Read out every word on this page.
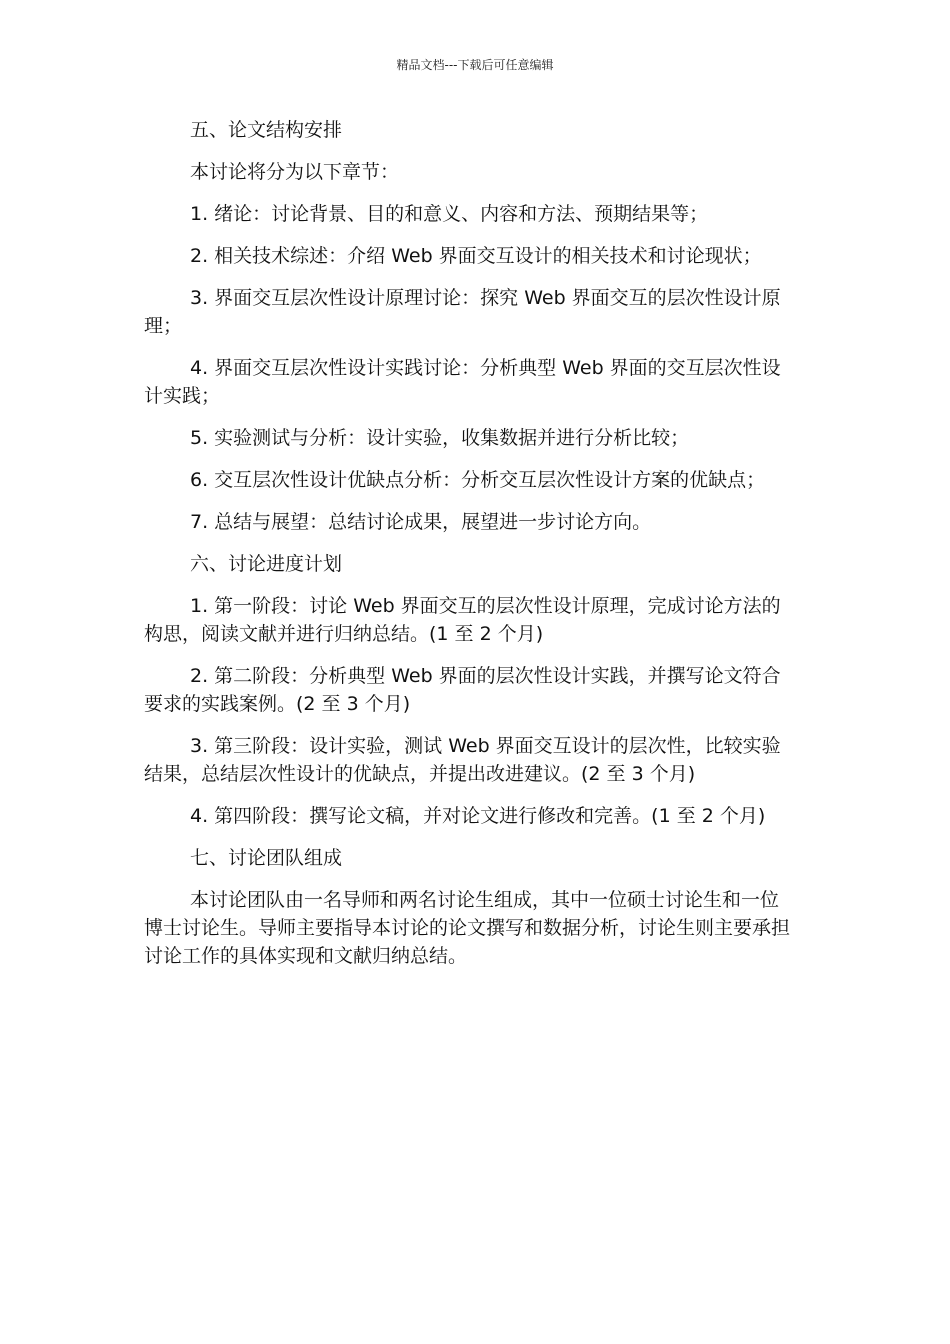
精品文档---下载后可任意编辑

五、论文结构安排

本讨论将分为以下章节：

1. 绪论：讨论背景、目的和意义、内容和方法、预期结果等；

2. 相关技术综述：介绍 Web 界面交互设计的相关技术和讨论现状；

3. 界面交互层次性设计原理讨论：探究 Web 界面交互的层次性设计原理；

4. 界面交互层次性设计实践讨论：分析典型 Web 界面的交互层次性设计实践；

5. 实验测试与分析：设计实验，收集数据并进行分析比较；

6. 交互层次性设计优缺点分析：分析交互层次性设计方案的优缺点；

7. 总结与展望：总结讨论成果，展望进一步讨论方向。

六、讨论进度计划

1. 第一阶段：讨论 Web 界面交互的层次性设计原理，完成讨论方法的构思，阅读文献并进行归纳总结。(1 至 2 个月)

2. 第二阶段：分析典型 Web 界面的层次性设计实践，并撰写论文符合要求的实践案例。(2 至 3 个月)

3. 第三阶段：设计实验，测试 Web 界面交互设计的层次性，比较实验结果，总结层次性设计的优缺点，并提出改进建议。(2 至 3 个月)

4. 第四阶段：撰写论文稿，并对论文进行修改和完善。(1 至 2 个月)

七、讨论团队组成

本讨论团队由一名导师和两名讨论生组成，其中一位硕士讨论生和一位博士讨论生。导师主要指导本讨论的论文撰写和数据分析，讨论生则主要承担讨论工作的具体实现和文献归纳总结。
